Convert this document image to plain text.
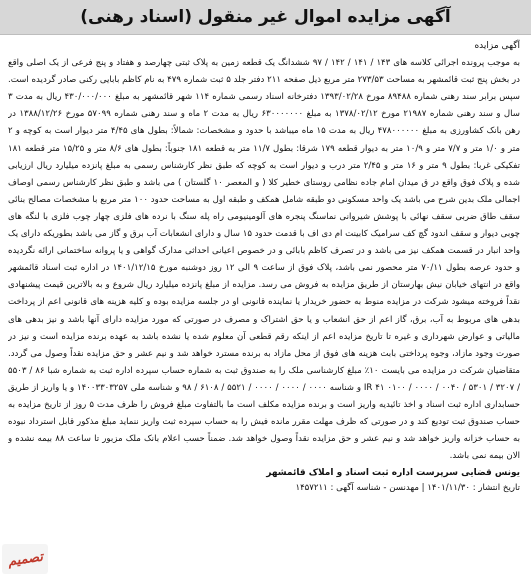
آگهی مزایده اموال غیر منقول (اسناد رهنی)

آگهی مزایده

به موجب پرونده اجرائی کلاسه های ۱۴۳ / ۱۴۱ / ۱۴۲ / ۹۷ ششدانگ یک قطعه زمین به پلاک ثبتی چهارصد و هفتاد و پنج فرعی از یک اصلی واقع در بخش پنج ثبت قائمشهر به مساحت ۲۷۳/۵۳ متر مربع ذیل صفحه ۲۱۱ دفتر جلد ۵ ثبت شماره ۴۷۹ به نام کاظم بابایی رکنی صادر گردیده است. سپس برابر سند رهنی شماره ۸۹۴۸۸ مورخ ۱۳۹۳/۰۲/۲۸ دفترخانه اسناد رسمی شماره ۱۱۴ شهر قائمشهر به مبلغ ۴۳۰/۰۰۰/۰۰۰ ریال به مدت ۳ سال و سند رهنی شماره ۲۱۹۸۷ مورخ ۱۳۷۸/۰۲/۱۲ به مبلغ ۶۳۰۰۰۰۰۰۰ ریال به مدت ۲ ماه و سند رهنی شماره ۵۷۰۹۹ مورخ ۱۳۸۸/۱۲/۲۶ در رهن بانک کشاورزی به مبلغ ۴۷۸۰۰۰۰۰۰ ریال به مدت ۱۵ ماه میباشد با حدود و مشخصات: شمالاً: بطول های ۴/۴۵ متر دیوار است به کوچه و ۲ متر و ۱/۰ متر و ۷/۷ متر و ۱۰/۹ متر به دیوار قطعه ۱۷۹ شرقا: بطول ۱۱/۷ متر به قطعه ۱۸۱ جنوباً: بطول های ۸/۶ متر و ۱۵/۲۵ متر قطعه ۱۸۱ تفکیکی غربا: بطول ۹ متر و ۱۶ متر و ۲/۴۵ متر درب و دیوار است به کوچه که طبق نظر کارشناس رسمی به مبلغ پانزده میلیارد ریال ارزیابی شده و پلاک فوق واقع در ق میدان امام جاده نظامی روستای خطیر کلا ( و المعصر ۱۰ گلستان ) می باشد و طبق نظر کارشناس رسمی اوصاف اجمالی ملک بدین شرح می باشد یک واحد مسکونی دو طبقه شامل همکف و طبقه اول به مساحت حدود ۱۰۰ متر مربع با مشخصات مصالح بنائی سقف طاق ضربی سقف نهائی با پوشش شیروانی نماسنگ پنجره های آلومینیومی راه پله سنگ با نرده های فلزی چهار چوب فلزی با لنگه های چوبی دیوار و سقف اندود گچ کف سرامیک کابینت ام دی اف با قدمت حدود ۱۵ سال و دارای انشعابات آب برق و گاز می باشد بطوریکه دارای یک واحد انبار در قسمت همکف نیز می باشد و در تصرف کاظم بابائی و در خصوص اعیانی احداثی مدارک گواهی و یا پروانه ساختمانی ارائه نگردیده و حدود عرصه بطول ۷۰/۱۱ متر محصور نمی باشد، پلاک فوق از ساعت ۹ الی ۱۲ روز دوشنبه مورخ ۱۴۰۱/۱۲/۱۵ در اداره ثبت اسناد قائمشهر واقع در انتهای خیابان نیش بهارستان از طریق مزایده به فروش می رسد. مزایده از مبلغ پانزده میلیارد ریال شروع و به بالاترین قیمت پیشنهادی نقداً فروخته میشود شرکت در مزایده منوط به حضور خریدار یا نماینده قانونی او در جلسه مزایده بوده و کلیه هزینه های قانونی اعم از پرداخت بدهی های مربوط به آب، برق، گاز اعم از حق انشعاب و یا حق اشتراک و مصرف در صورتی که مورد مزایده دارای آنها باشد و نیز بدهی های مالیاتی و عوارض شهرداری و غیره تا تاریخ مزایده اعم از اینکه رقم قطعی آن معلوم شده یا نشده باشد به عهده برنده مزایده است و نیز در صورت وجود مازاد، وجوه پرداختی بابت هزینه های فوق از محل مازاد به برنده مسترد خواهد شد و نیم عشر و حق مزایده نقداً وصول می گردد. متقاضیان شرکت در مزایده می بایست ۱۰٪ مبلغ کارشناسی ملک را به صندوق ثبت به شماره حساب سپرده اداره ثبت به شماره شبا ۸۶ / ۵۵۰۳ / ۳۲۰۷ / ۵۳۰۱ / ۰۰۴۰ / ۰۰۰۰ / ۰۱۰۰ IR ۴۱ و شناسه ۰۰۰۰ / ۰۰۰۰ / ۰۰۰۰ / ۵۵۲۱ / ۶۱۰۸ / ۹۸ و شناسه ملی ۱۴۰۰۳۳۰۳۲۵۷ و یا واریز از طریق حسابداری اداره ثبت اسناد و اخذ تائیدیه واریز است و برنده مزایده مکلف است ما بالتفاوت مبلغ فروش را ظرف مدت ۵ روز از تاریخ مزایده به حساب صندوق ثبت تودیع کند و در صورتی که ظرف مهلت مقرر مانده فیش را به حساب سپرده ثبت واریز ننماید مبلغ مذکور قابل استرداد نبوده به حساب خزانه واریز خواهد شد و نیم عشر و حق مزایده نقداً وصول خواهد شد. ضمناً حسب اعلام بانک ملک مزبور تا ساعت ۸۸ بیمه نشده و الان بیمه نمی باشد.

یونس قضایی سرپرست اداره ثبت اسناد و املاک قائمشهر

تاریخ انتشار : ۱۴۰۱/۱۱/۳۰ | مهدنسن - شناسه آگهی : ۱۴۵۷۲۱۱

تصمیم
